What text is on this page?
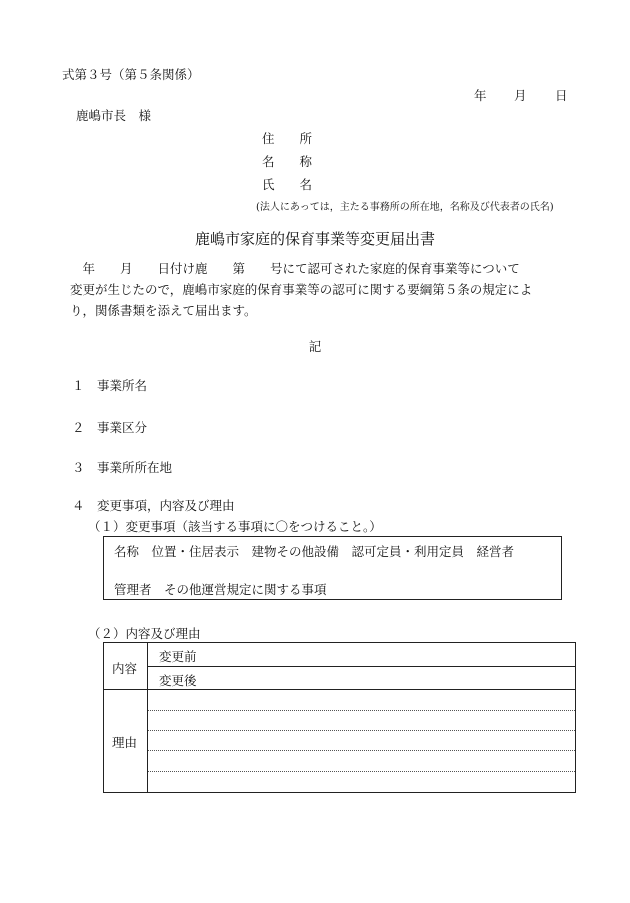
式第３号（第５条関係）
年 月 日
鹿嶋市長　様
住　　所
名　　称
氏　　名
(法人にあっては，主たる事務所の所在地，名称及び代表者の氏名)
鹿嶋市家庭的保育事業等変更届出書
　年　　月　　日付け鹿　　第　　号にて認可された家庭的保育事業等について
変更が生じたので，鹿嶋市家庭的保育事業等の認可に関する要綱第５条の規定によ
り，関係書類を添えて届出ます。
記
１　事業所名
２　事業区分
３　事業所所在地
４　変更事項，内容及び理由
（１）変更事項（該当する事項に〇をつけること。）
名称　位置・住居表示　建物その他設備　認可定員・利用定員　経営者
管理者　その他運営規定に関する事項
（２）内容及び理由
内容
変更前
変更後
理由
